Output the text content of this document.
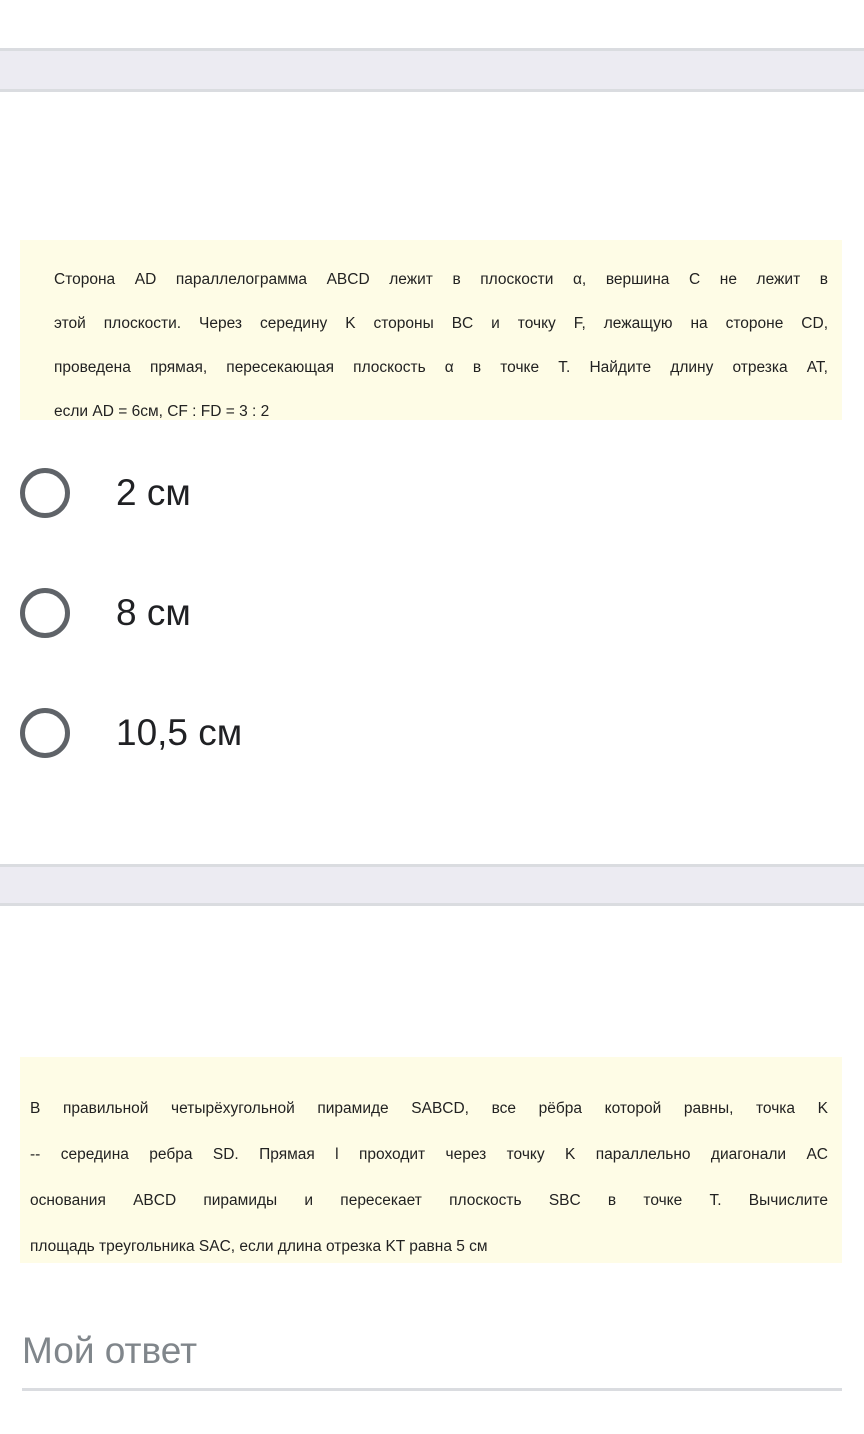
Сторона AD параллелограмма ABCD лежит в плоскости α, вершина C не лежит в
этой плоскости. Через середину K стороны BC и точку F, лежащую на стороне CD,
проведена прямая, пересекающая плоскость α в точке T. Найдите длину отрезка AT,
если AD = 6см, CF : FD = 3 : 2
2 см
8 см
10,5 см
В правильной четырёхугольной пирамиде SABCD, все рёбра которой равны, точка K
-- середина ребра SD. Прямая l проходит через точку K параллельно диагонали AC
основания ABCD пирамиды и пересекает плоскость SBC в точке T. Вычислите
площадь треугольника SAC, если длина отрезка KT равна 5 см
Мой ответ
